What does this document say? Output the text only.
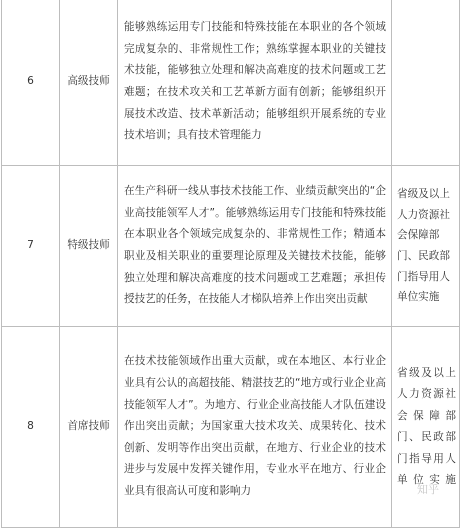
6	高级技师	能够熟练运用专门技能和特殊技能在本职业的各个领域完成复杂的、非常规性工作；熟练掌握本职业的关键技术技能，能够独立处理和解决高难度的技术问题或工艺难题；在技术攻关和工艺革新方面有创新；能够组织开展技术改造、技术革新活动；能够组织开展系统的专业技术培训；具有技术管理能力	
7	特级技师	在生产科研一线从事技术技能工作、业绩贡献突出的“企业高技能领军人才”。能够熟练运用专门技能和特殊技能在本职业各个领域完成复杂的、非常规性工作；精通本职业及相关职业的重要理论原理及关键技术技能，能够独立处理和解决高难度的技术问题或工艺难题；承担传授技艺的任务，在技能人才梯队培养上作出突出贡献	省级及以上人力资源社会保障部门、民政部门指导用人单位实施
8	首席技师	在技术技能领域作出重大贡献，或在本地区、本行业企业具有公认的高超技能、精湛技艺的“地方或行业企业高技能领军人才”。为地方、行业企业高技能人才队伍建设作出突出贡献；为国家重大技术攻关、成果转化、技术创新、发明等作出突出贡献，在地方、行业企业的技术进步与发展中发挥关键作用，专业水平在地方、行业企业具有很高认可度和影响力	省级及以上人力资源社会保障部门、民政部门指导用人单位实施
知乎
